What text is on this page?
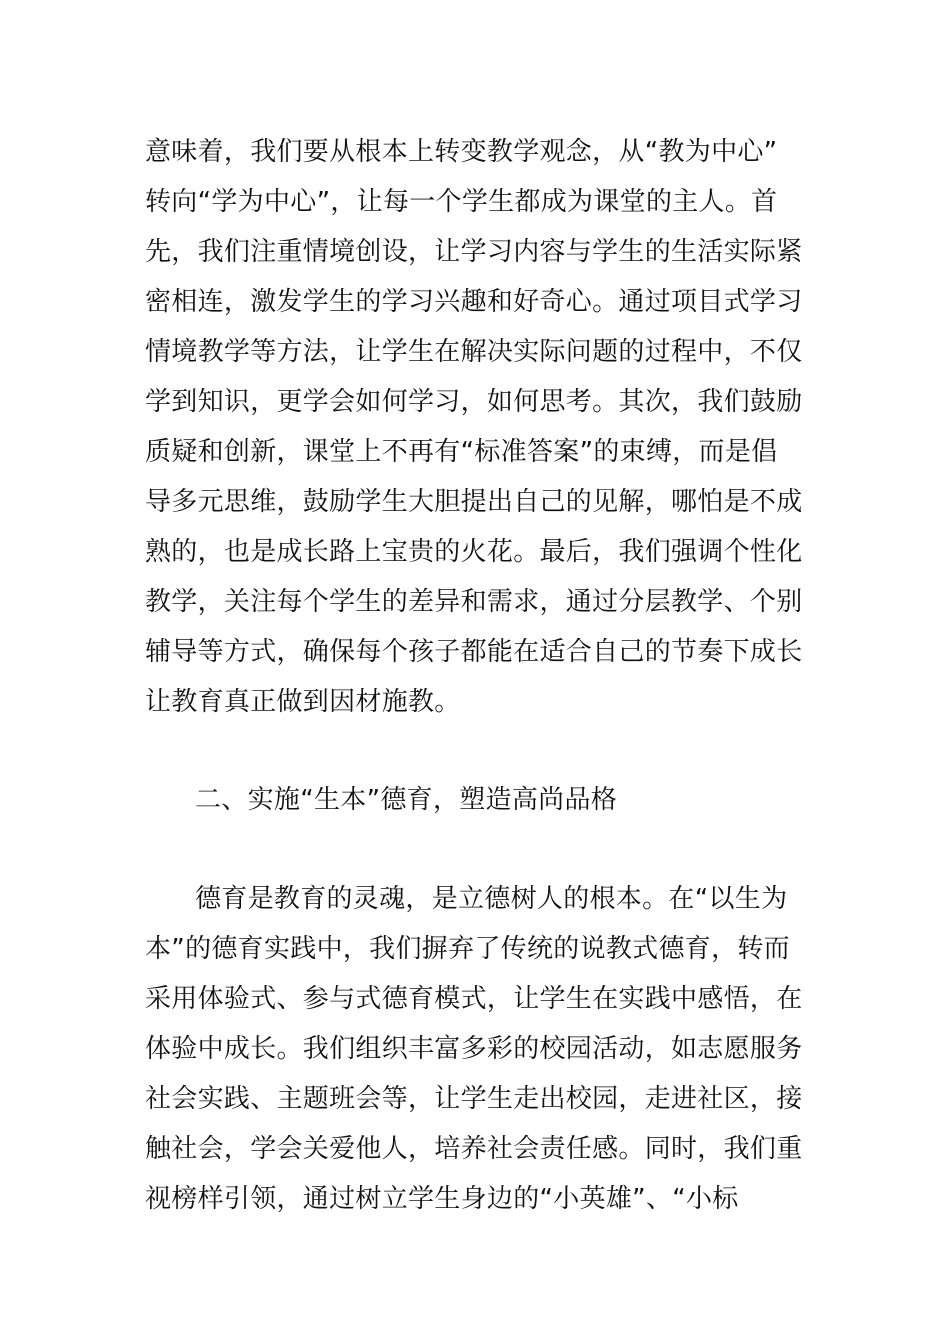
意味着，我们要从根本上转变教学观念，从“教为中心”
转向“学为中心”，让每一个学生都成为课堂的主人。首
先，我们注重情境创设，让学习内容与学生的生活实际紧
密相连，激发学生的学习兴趣和好奇心。通过项目式学习
情境教学等方法，让学生在解决实际问题的过程中，不仅
学到知识，更学会如何学习，如何思考。其次，我们鼓励
质疑和创新，课堂上不再有“标准答案”的束缚，而是倡
导多元思维，鼓励学生大胆提出自己的见解，哪怕是不成
熟的，也是成长路上宝贵的火花。最后，我们强调个性化
教学，关注每个学生的差异和需求，通过分层教学、个别
辅导等方式，确保每个孩子都能在适合自己的节奏下成长
让教育真正做到因材施教。
二、实施“生本”德育，塑造高尚品格
德育是教育的灵魂，是立德树人的根本。在“以生为
本”的德育实践中，我们摒弃了传统的说教式德育，转而
采用体验式、参与式德育模式，让学生在实践中感悟，在
体验中成长。我们组织丰富多彩的校园活动，如志愿服务
社会实践、主题班会等，让学生走出校园，走进社区，接
触社会，学会关爱他人，培养社会责任感。同时，我们重
视榜样引领，通过树立学生身边的“小英雄”、“小标
